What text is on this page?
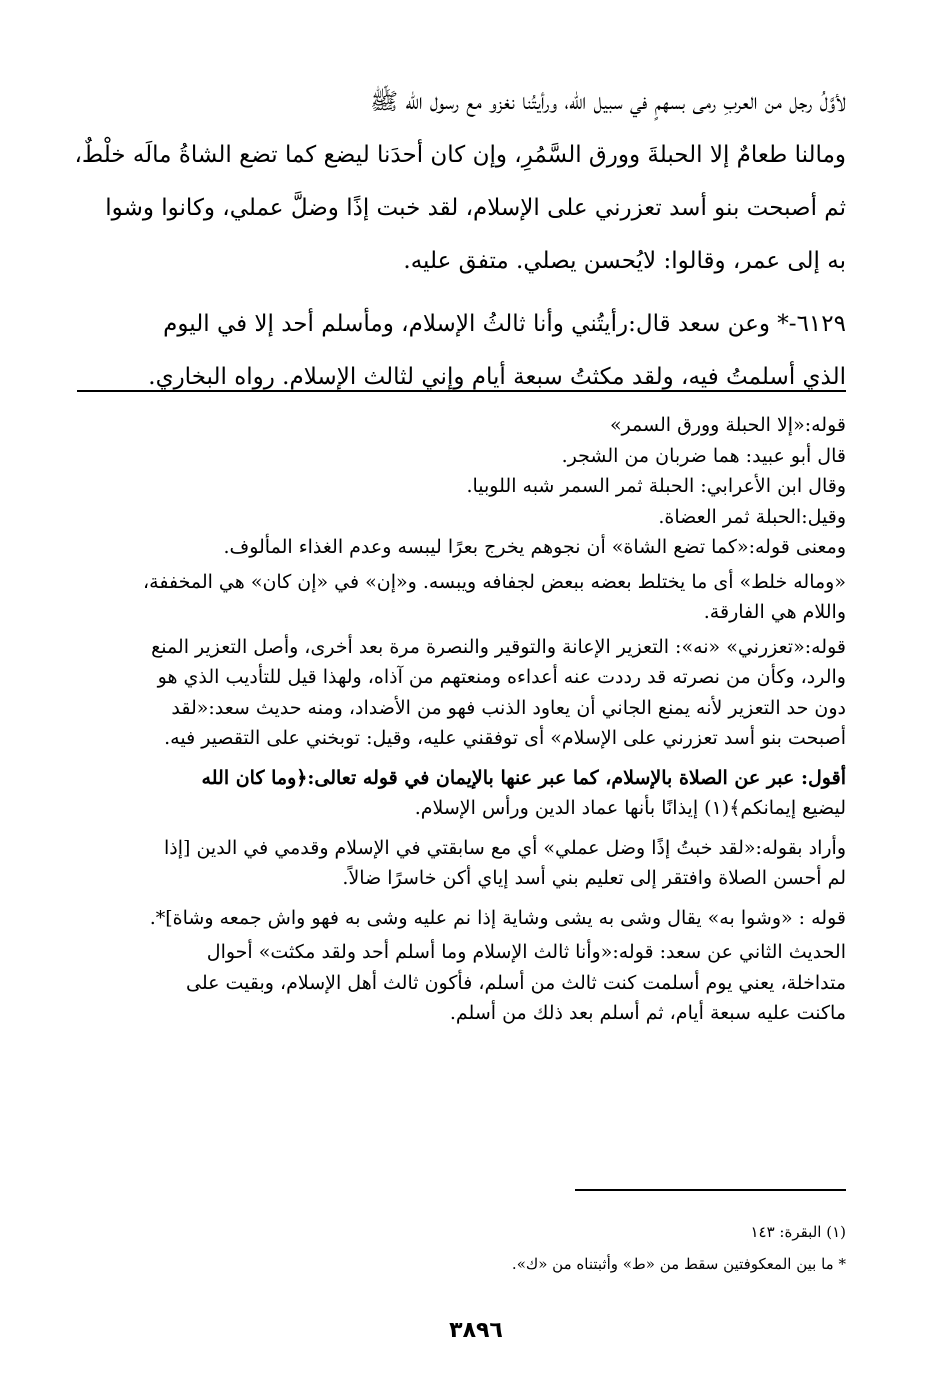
لأوَّلُ رجل من العربِ رمى بسهمٍ في سبيل الله، ورأيتُنا نغزو مع رسول الله ﷺ
ومالنا طعامٌ إلا الحبلةَ وورق السَّمُرِ، وإن كان أحدَنا ليضع كما تضع الشاةُ مالَه خلْطٌ،
ثم أصبحت بنو أسد تعزرني على الإسلام، لقد خبت إذًا وضلَّ عملي، وكانوا وشوا
به إلى عمر، وقالوا: لايُحسن يصلي. متفق عليه.
٦١٢٩-* وعن سعد قال:رأيتُني وأنا ثالثُ الإسلام، ومأسلم أحد إلا في اليوم
الذي أسلمتُ فيه، ولقد مكثتُ سبعة أيام وإني لثالث الإسلام. رواه البخاري.
قوله:«إلا الحبلة وورق السمر»
قال أبو عبيد: هما ضربان من الشجر.
وقال ابن الأعرابي: الحبلة ثمر السمر شبه اللوبيا.
وقيل:الحبلة ثمر العضاة.
ومعنى قوله:«كما تضع الشاة» أن نجوهم يخرج بعرًا ليبسه وعدم الغذاء المألوف.
«وماله خلط» أى ما يختلط بعضه ببعض لجفافه ويبسه. و«إن» في «إن كان» هي المخففة،
واللام هي الفارقة.
قوله:«تعزرني» «نه»: التعزير الإعانة والتوقير والنصرة مرة بعد أخرى، وأصل التعزير المنع
والرد، وكأن من نصرته قد رددت عنه أعداءه ومنعتهم من آذاه، ولهذا قيل للتأديب الذي هو
دون حد التعزير لأنه يمنع الجاني أن يعاود الذنب فهو من الأضداد، ومنه حديث سعد:«لقد
أصبحت بنو أسد تعزرني على الإسلام» أى توفقني عليه، وقيل: توبخني على التقصير فيه.
أقول: عبر عن الصلاة بالإسلام، كما عبر عنها بالإيمان في قوله تعالى:﴿وما كان الله
ليضيع إيمانكم﴾(١) إيذانًا بأنها عماد الدين ورأس الإسلام.
وأراد بقوله:«لقد خبتُ إذًا وضل عملي» أي مع سابقتي في الإسلام وقدمي في الدين [إذا
لم أحسن الصلاة وافتقر إلى تعليم بني أسد إياي أكن خاسرًا ضالاً.
قوله : «وشوا به» يقال وشى به يشى وشاية إذا نم عليه وشى به فهو واش جمعه وشاة]*.
الحديث الثاني عن سعد: قوله:«وأنا ثالث الإسلام وما أسلم أحد ولقد مكثت» أحوال
متداخلة، يعني يوم أسلمت كنت ثالث من أسلم، فأكون ثالث أهل الإسلام، وبقيت على
ماكنت عليه سبعة أيام، ثم أسلم بعد ذلك من أسلم.
(١) البقرة: ١٤٣
* ما بين المعكوفتين سقط من «ط» وأثبتناه من «ك».
٣٨٩٦
